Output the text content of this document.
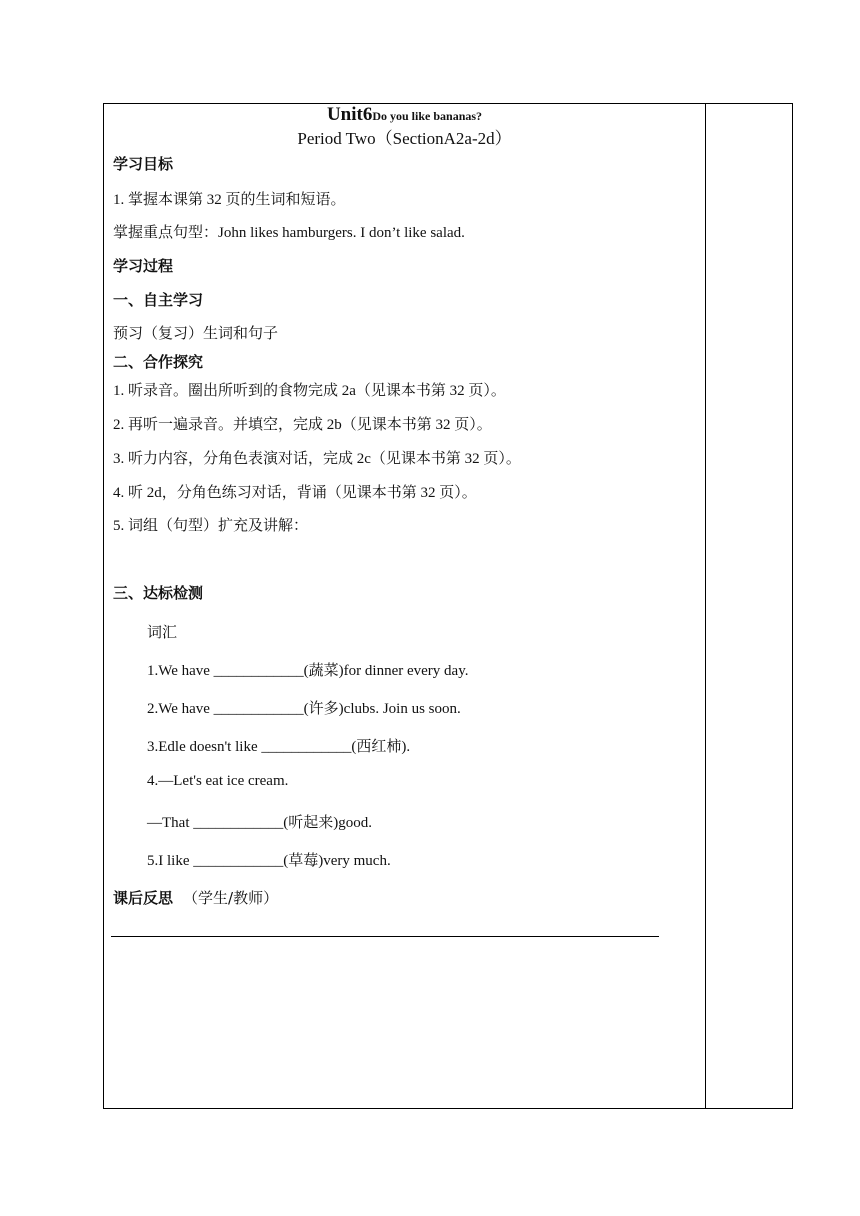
Unit6Do you like bananas?
Period Two（SectionA2a-2d）
学习目标
1. 掌握本课第 32 页的生词和短语。
掌握重点句型：John likes hamburgers. I don’t like salad.
学习过程
一、自主学习
预习（复习）生词和句子
二、合作探究
1. 听录音。圈出所听到的食物完成 2a（见课本书第 32 页）。
2. 再听一遍录音。并填空，完成 2b（见课本书第 32 页）。
3. 听力内容，分角色表演对话，完成 2c（见课本书第 32 页）。
4. 听 2d，分角色练习对话，背诵（见课本书第 32 页）。
5. 词组（句型）扩充及讲解：
三、达标检测
词汇
1.We have ____________(蔬菜)for dinner every day.
2.We have ____________(许多)clubs. Join us soon.
3.Edle doesn't like ____________(西红柿).
4.—Let's eat ice cream.
—That ____________(听起来)good.
5.I like ____________(草莓)very much.
课后反思 （学生/教师）
